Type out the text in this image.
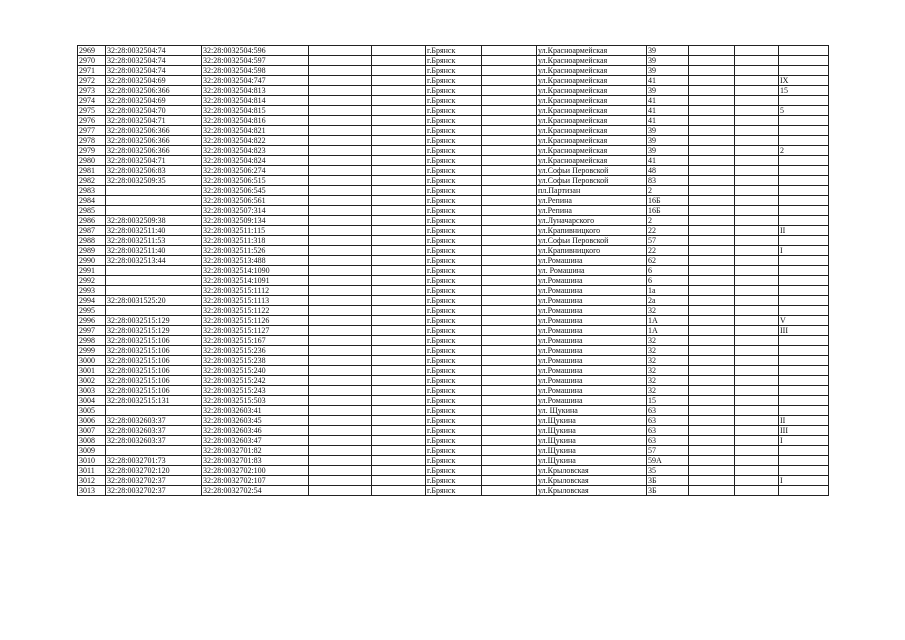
2969	32:28:0032504:74	32:28:0032504:596			г.Брянск		ул.Красноармейская	39			
2970	32:28:0032504:74	32:28:0032504:597			г.Брянск		ул.Красноармейская	39			
2971	32:28:0032504:74	32:28:0032504:598			г.Брянск		ул.Красноармейская	39			
2972	32:28:0032504:69	32:28:0032504:747			г.Брянск		ул.Красноармейская	41			IX
2973	32:28:0032506:366	32:28:0032504:813			г.Брянск		ул.Красноармейская	39			15
2974	32:28:0032504:69	32:28:0032504:814			г.Брянск		ул.Красноармейская	41			
2975	32:28:0032504:70	32:28:0032504:815			г.Брянск		ул.Красноармейская	41			5
2976	32:28:0032504:71	32:28:0032504:816			г.Брянск		ул.Красноармейская	41			
2977	32:28:0032506:366	32:28:0032504:821			г.Брянск		ул.Красноармейская	39			
2978	32:28:0032506:366	32:28:0032504:822			г.Брянск		ул.Красноармейская	39			
2979	32:28:0032506:366	32:28:0032504:823			г.Брянск		ул.Красноармейская	39			2
2980	32:28:0032504:71	32:28:0032504:824			г.Брянск		ул.Красноармейская	41			
2981	32:28:0032506:83	32:28:0032506:274			г.Брянск		ул.Софьи Перовской	48			
2982	32:28:0032509:35	32:28:0032506:515			г.Брянск		ул.Софьи Перовской	83			
2983		32:28:0032506:545			г.Брянск		пл.Партизан	2			
2984		32:28:0032506:561			г.Брянск		ул.Репина	16Б			
2985		32:28:0032507:314			г.Брянск		ул.Репина	16Б			
2986	32:28:0032509:38	32:28:0032509:134			г.Брянск		ул.Луначарского	2			
2987	32:28:0032511:40	32:28:0032511:115			г.Брянск		ул.Крапивницкого	22			II
2988	32:28:0032511:53	32:28:0032511:318			г.Брянск		ул.Софьи Перовской	57			
2989	32:28:0032511:40	32:28:0032511:526			г.Брянск		ул.Крапивницкого	22			I
2990	32:28:0032513:44	32:28:0032513:488			г.Брянск		ул.Ромашина	62			
2991		32:28:0032514:1090			г.Брянск		ул. Ромашина	6			
2992		32:28:0032514:1091			г.Брянск		ул.Ромашина	6			
2993		32:28:0032515:1112			г.Брянск		ул.Ромашина	1а			
2994	32:28:0031525:20	32:28:0032515:1113			г.Брянск		ул.Ромашина	2а			
2995		32:28:0032515:1122			г.Брянск		ул.Ромашина	32			
2996	32:28:0032515:129	32:28:0032515:1126			г.Брянск		ул.Ромашина	1А			V
2997	32:28:0032515:129	32:28:0032515:1127			г.Брянск		ул.Ромашина	1А			III
2998	32:28:0032515:106	32:28:0032515:167			г.Брянск		ул.Ромашина	32			
2999	32:28:0032515:106	32:28:0032515:236			г.Брянск		ул.Ромашина	32			
3000	32:28:0032515:106	32:28:0032515:238			г.Брянск		ул.Ромашина	32			
3001	32:28:0032515:106	32:28:0032515:240			г.Брянск		ул.Ромашина	32			
3002	32:28:0032515:106	32:28:0032515:242			г.Брянск		ул.Ромашина	32			
3003	32:28:0032515:106	32:28:0032515:243			г.Брянск		ул.Ромашина	32			
3004	32:28:0032515:131	32:28:0032515:503			г.Брянск		ул.Ромашина	15			
3005		32:28:0032603:41			г.Брянск		ул. Щукина	63			
3006	32:28:0032603:37	32:28:0032603:45			г.Брянск		ул.Щукина	63			II
3007	32:28:0032603:37	32:28:0032603:46			г.Брянск		ул.Щукина	63			III
3008	32:28:0032603:37	32:28:0032603:47			г.Брянск		ул.Щукина	63			I
3009		32:28:0032701:82			г.Брянск		ул.Щукина	57			
3010	32:28:0032701:73	32:28:0032701:83			г.Брянск		ул.Щукина	59А			
3011	32:28:0032702:120	32:28:0032702:100			г.Брянск		ул.Крыловская	35			
3012	32:28:0032702:37	32:28:0032702:107			г.Брянск		ул.Крыловская	3Б			I
3013	32:28:0032702:37	32:28:0032702:54			г.Брянск		ул.Крыловская	3Б			
